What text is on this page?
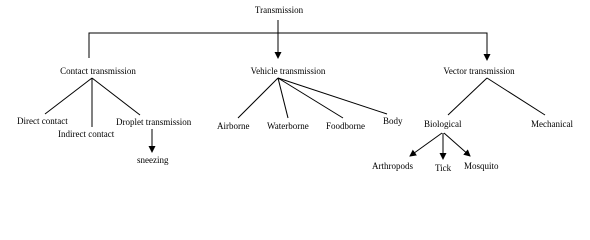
Transmission
Contact transmission
Direct contact
Indirect contact
Droplet transmission
sneezing
Vehicle transmission
Airborne Waterborne Foodborne Body
Vector transmission
Biological	Mechanical
Arthropods Tick Mosquito
